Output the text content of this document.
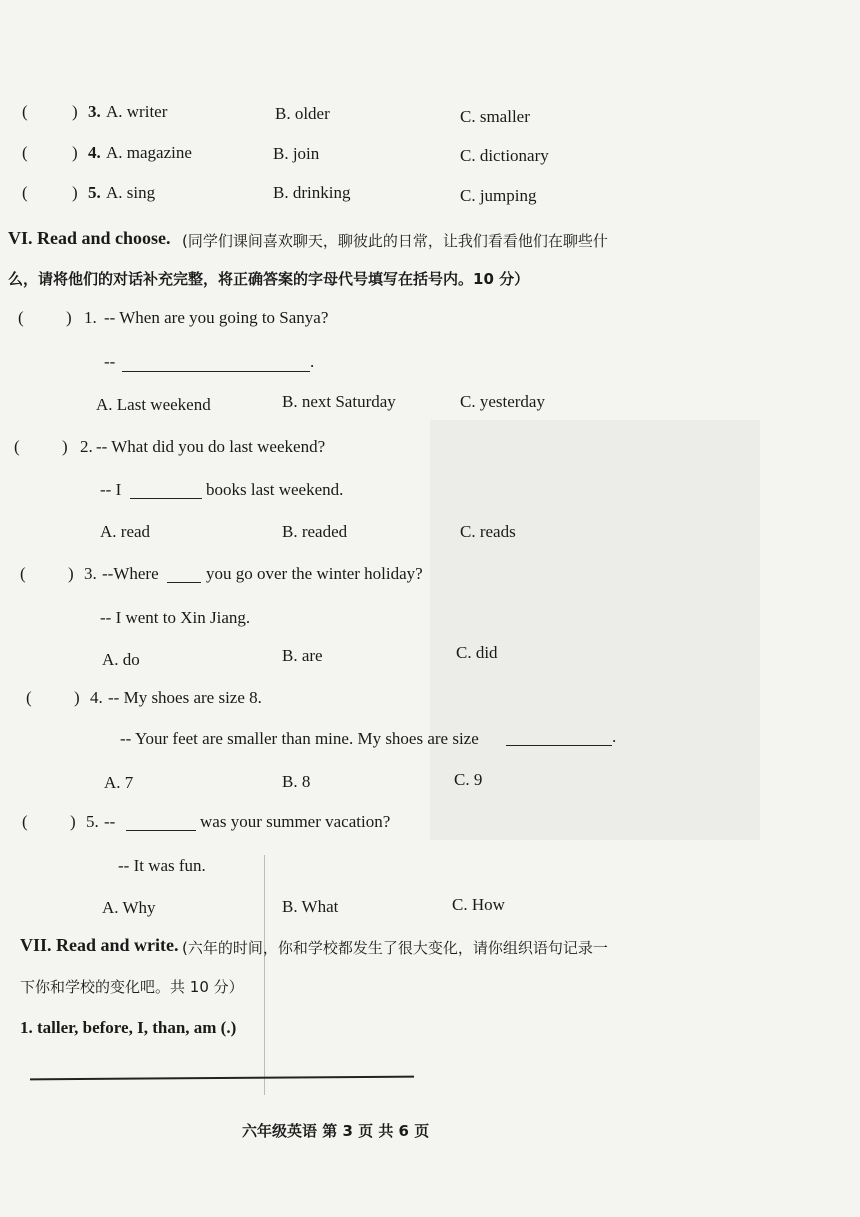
(	) 3. A. writer	B. older	C. smaller
(	) 4. A. magazine	B. join	C. dictionary
(	) 5. A. sing	B. drinking	C. jumping
VI. Read and choose. (同学们课间喜欢聊天，聊彼此的日常，让我们看看他们在聊些什
么，请将他们的对话补充完整，将正确答案的字母代号填写在括号内。10 分）
( ) 1. -- When are you going to Sanya?
--	.
A. Last weekend	B. next Saturday	C. yesterday
( ) 2. -- What did you do last weekend?
-- I	books last weekend.
A. read	B. readed	C. reads
( ) 3. --Where	you go over the winter holiday?
-- I went to Xin Jiang.
A. do	B. are	C. did
( ) 4. -- My shoes are size 8.
-- Your feet are smaller than mine. My shoes are size	.
A. 7	B. 8	C. 9
( ) 5. --	was your summer vacation?
-- It was fun.
A. Why	B. What	C. How
VII. Read and write. (六年的时间，你和学校都发生了很大变化，请你组织语句记录一
下你和学校的变化吧。共 10 分）
1. taller, before, I, than, am (.)
六年级英语 第 3 页 共 6 页
